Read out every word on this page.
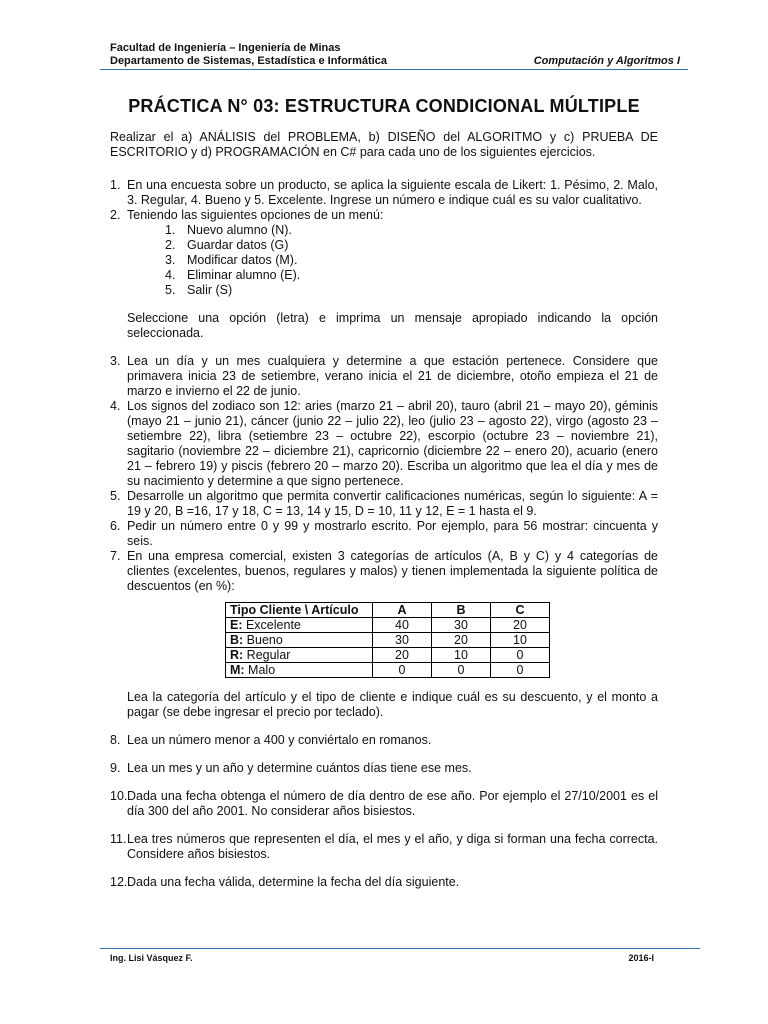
Facultad de Ingeniería – Ingeniería de Minas
Departamento de Sistemas, Estadística e Informática	Computación y Algoritmos I
PRÁCTICA N° 03: ESTRUCTURA CONDICIONAL MÚLTIPLE

Realizar el a) ANÁLISIS del PROBLEMA, b) DISEÑO del ALGORITMO y c) PRUEBA DE ESCRITORIO y d) PROGRAMACIÓN en C# para cada uno de los siguientes ejercicios.

1. En una encuesta sobre un producto, se aplica la siguiente escala de Likert: 1. Pésimo, 2. Malo, 3. Regular, 4. Bueno y 5. Excelente. Ingrese un número e indique cuál es su valor cualitativo.
2. Teniendo las siguientes opciones de un menú:
1. Nuevo alumno (N).
2. Guardar datos (G)
3. Modificar datos (M).
4. Eliminar alumno (E).
5. Salir (S)

Seleccione una opción (letra) e imprima un mensaje apropiado indicando la opción seleccionada.

3. Lea un día y un mes cualquiera y determine a que estación pertenece. Considere que primavera inicia 23 de setiembre, verano inicia el 21 de diciembre, otoño empieza el 21 de marzo e invierno el 22 de junio.
4. Los signos del zodiaco son 12: aries (marzo 21 – abril 20), tauro (abril 21 – mayo 20), géminis (mayo 21 – junio 21), cáncer (junio 22 – julio 22), leo (julio 23 – agosto 22), virgo (agosto 23 – setiembre 22), libra (setiembre 23 – octubre 22), escorpio (octubre 23 – noviembre 21), sagitario (noviembre 22 – diciembre 21), capricornio (diciembre 22 – enero 20), acuario (enero 21 – febrero 19) y piscis (febrero 20 – marzo 20). Escriba un algoritmo que lea el día y mes de su nacimiento y determine a que signo pertenece.
5. Desarrolle un algoritmo que permita convertir calificaciones numéricas, según lo siguiente: A = 19 y 20, B =16, 17 y 18, C = 13, 14 y 15, D = 10, 11 y 12, E = 1 hasta el 9.
6. Pedir un número entre 0 y 99 y mostrarlo escrito. Por ejemplo, para 56 mostrar: cincuenta y seis.
7. En una empresa comercial, existen 3 categorías de artículos (A, B y C) y 4 categorías de clientes (excelentes, buenos, regulares y malos) y tienen implementada la siguiente política de descuentos (en %):
Tipo Cliente \ Artículo	A	B	C
E: Excelente	40	30	20
B: Bueno	30	20	10
R: Regular	20	10	0
M: Malo	0	0	0

Lea la categoría del artículo y el tipo de cliente e indique cuál es su descuento, y el monto a pagar (se debe ingresar el precio por teclado).

8. Lea un número menor a 400 y conviértalo en romanos.
9. Lea un mes y un año y determine cuántos días tiene ese mes.
10. Dada una fecha obtenga el número de día dentro de ese año. Por ejemplo el 27/10/2001 es el día 300 del año 2001. No considerar años bisiestos.
11. Lea tres números que representen el día, el mes y el año, y diga si forman una fecha correcta. Considere años bisiestos.
12. Dada una fecha válida, determine la fecha del día siguiente.
Ing. Lisi Vásquez F.	2016-I
